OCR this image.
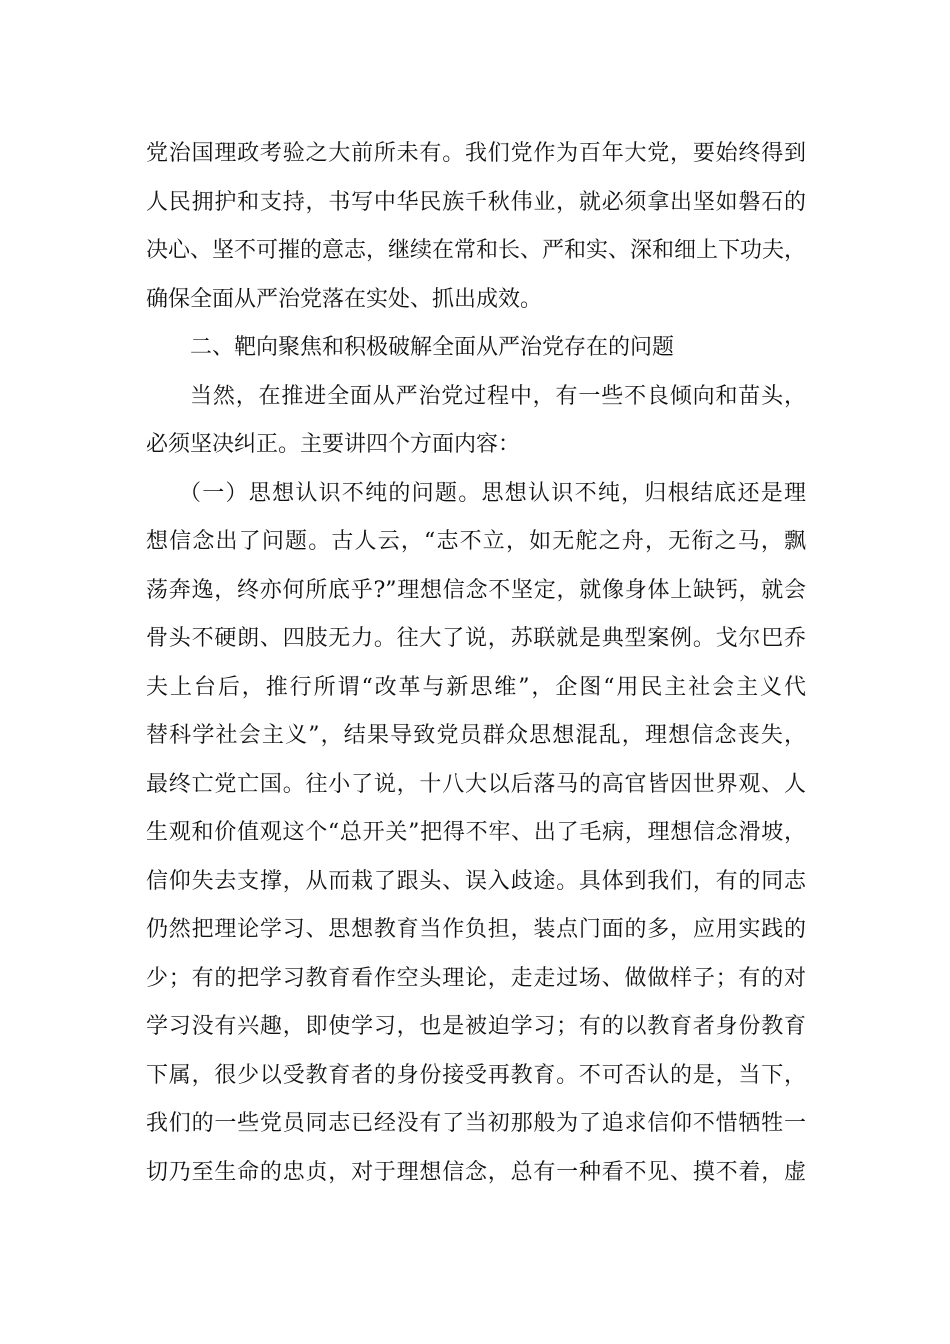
党治国理政考验之大前所未有。我们党作为百年大党，要始终得到
人民拥护和支持，书写中华民族千秋伟业，就必须拿出坚如磐石的
决心、坚不可摧的意志，继续在常和长、严和实、深和细上下功夫，
确保全面从严治党落在实处、抓出成效。
二、靶向聚焦和积极破解全面从严治党存在的问题
当然，在推进全面从严治党过程中，有一些不良倾向和苗头，
必须坚决纠正。主要讲四个方面内容：
（一）思想认识不纯的问题。思想认识不纯，归根结底还是理
想信念出了问题。古人云，“志不立，如无舵之舟，无衔之马，飘
荡奔逸，终亦何所底乎?”理想信念不坚定，就像身体上缺钙，就会
骨头不硬朗、四肢无力。往大了说，苏联就是典型案例。戈尔巴乔
夫上台后，推行所谓“改革与新思维”，企图“用民主社会主义代
替科学社会主义”，结果导致党员群众思想混乱，理想信念丧失，
最终亡党亡国。往小了说，十八大以后落马的高官皆因世界观、人
生观和价值观这个“总开关”把得不牢、出了毛病，理想信念滑坡，
信仰失去支撑，从而栽了跟头、误入歧途。具体到我们，有的同志
仍然把理论学习、思想教育当作负担，装点门面的多，应用实践的
少；有的把学习教育看作空头理论，走走过场、做做样子；有的对
学习没有兴趣，即使学习，也是被迫学习；有的以教育者身份教育
下属，很少以受教育者的身份接受再教育。不可否认的是，当下，
我们的一些党员同志已经没有了当初那般为了追求信仰不惜牺牲一
切乃至生命的忠贞，对于理想信念，总有一种看不见、摸不着，虚
